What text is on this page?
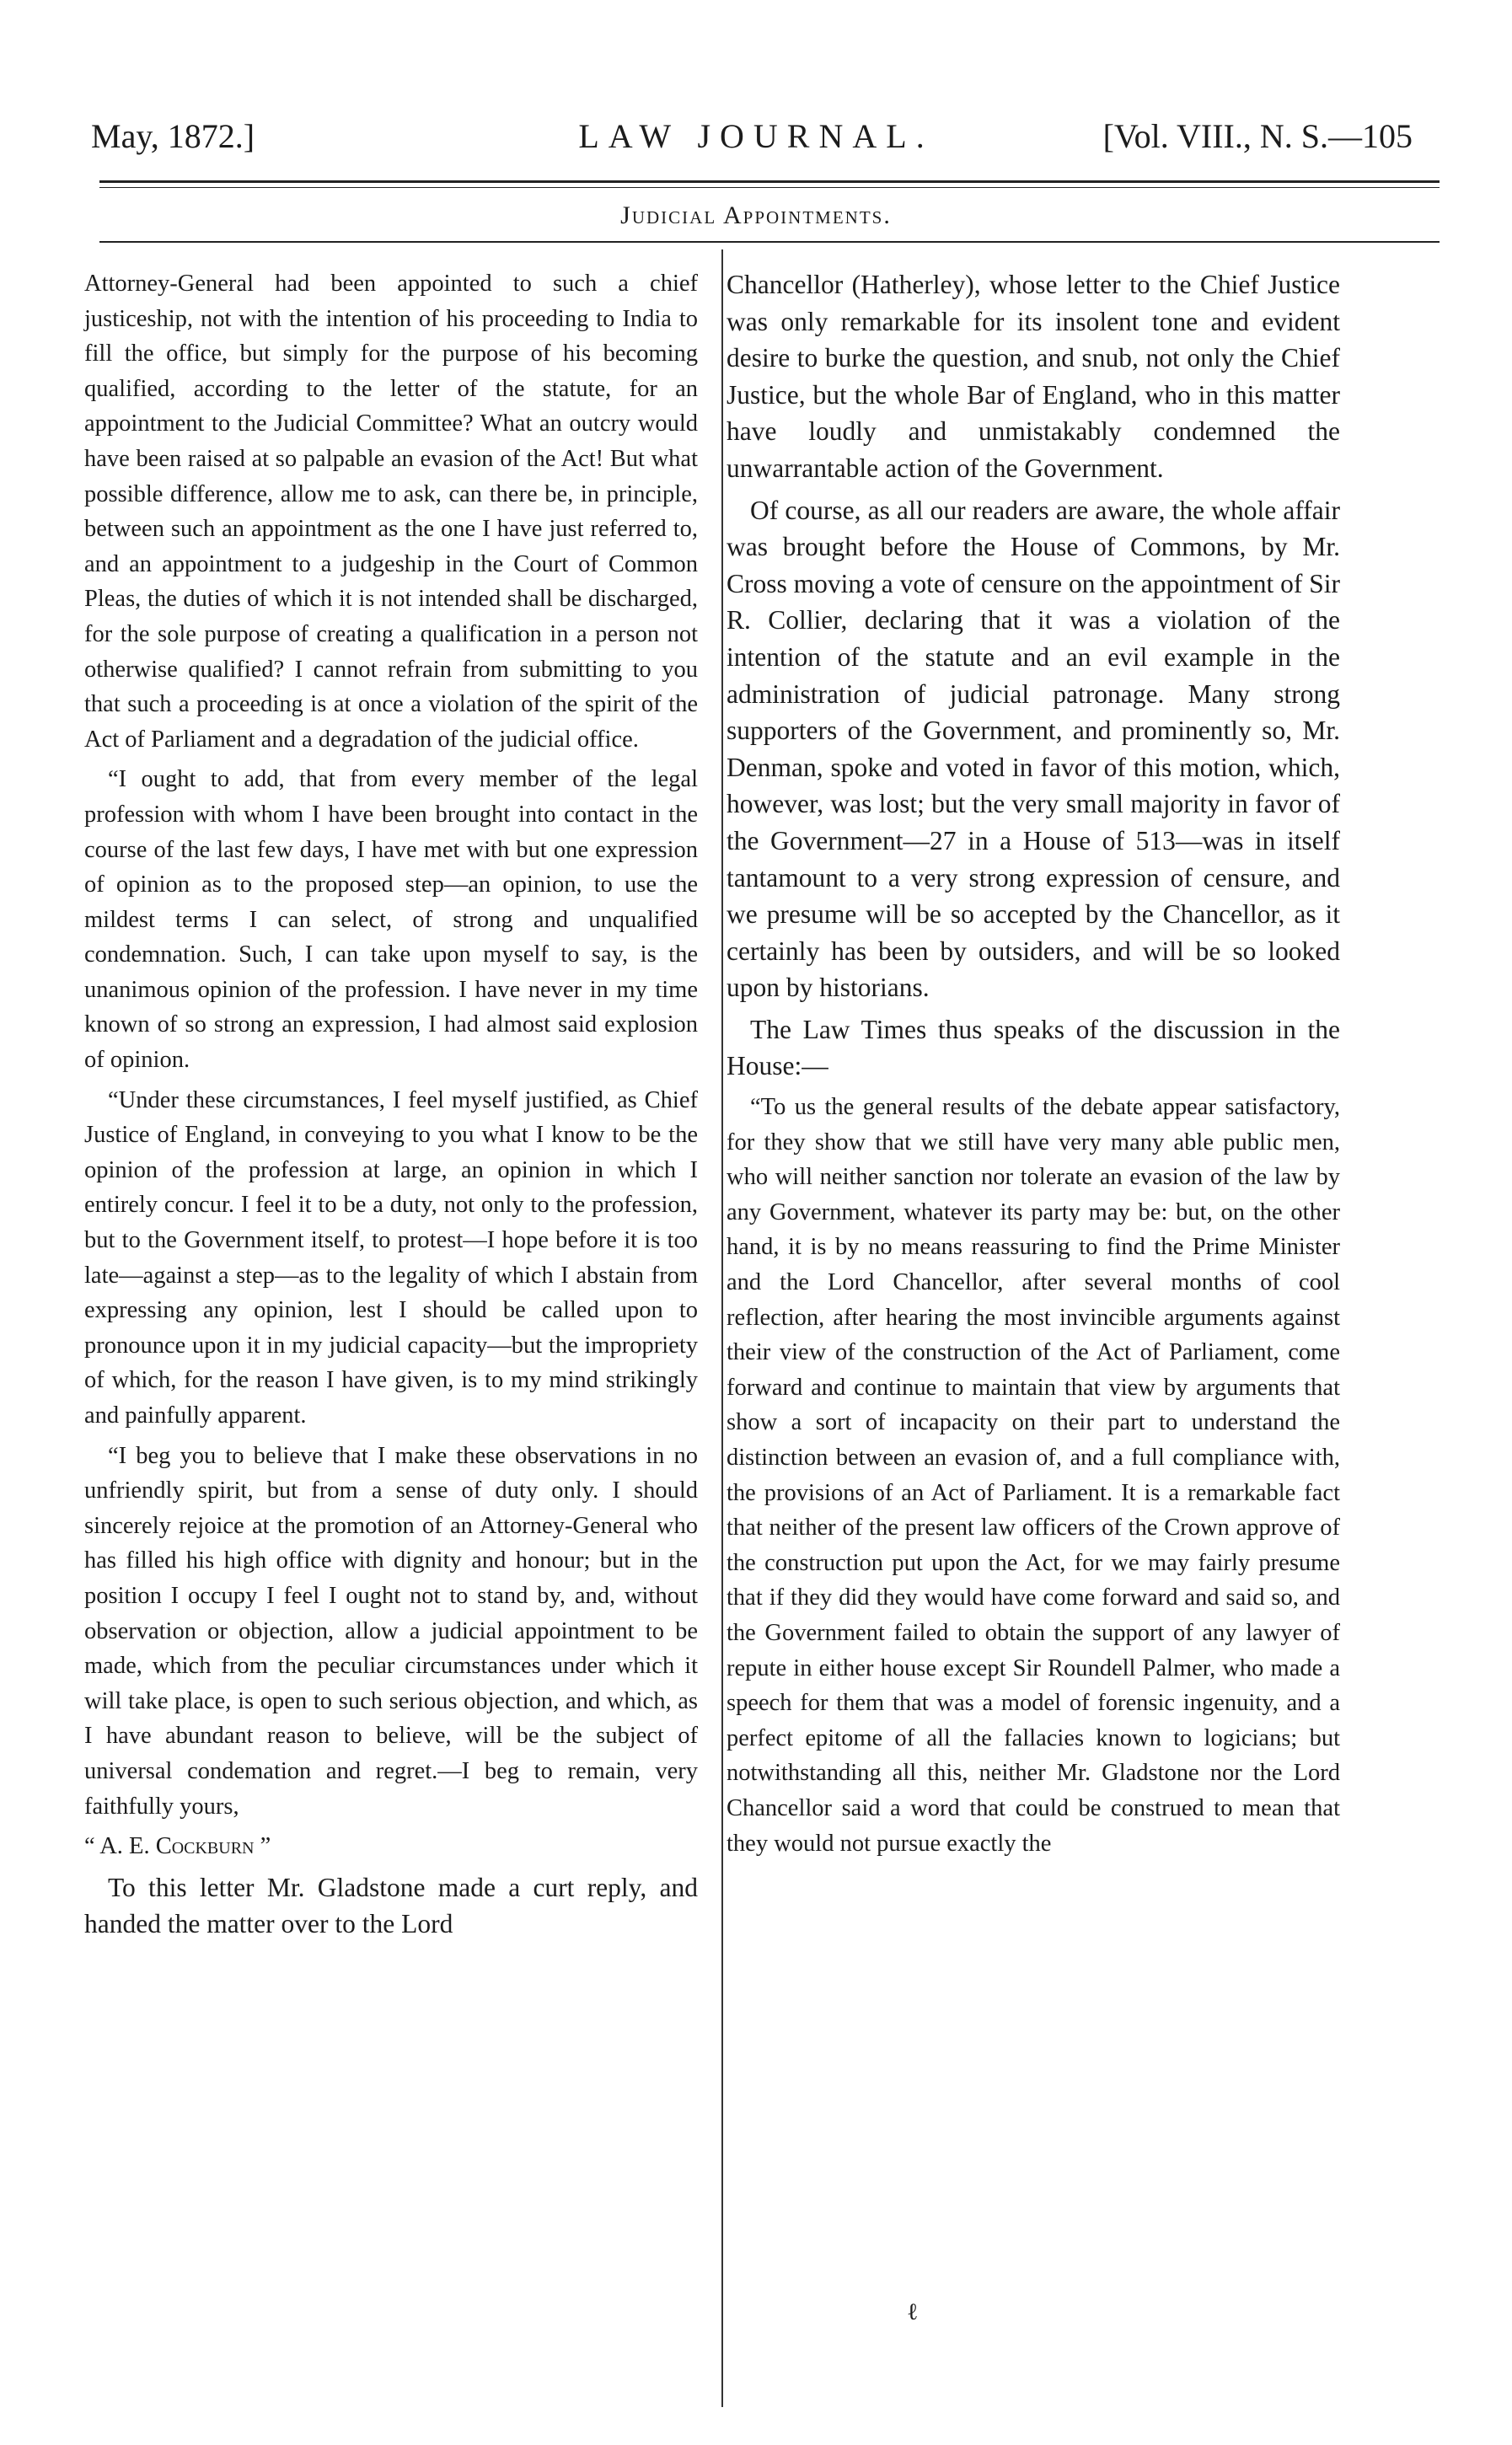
May, 1872.]	LAW JOURNAL.	[Vol. VIII., N. S.—105
Judicial Appointments.

Attorney-General had been appointed to such a chief justiceship, not with the intention of his proceeding to India to fill the office, but simply for the purpose of his becoming qualified, according to the letter of the statute, for an appointment to the Judicial Committee? What an outcry would have been raised at so palpable an evasion of the Act! But what possible difference, allow me to ask, can there be, in principle, between such an appointment as the one I have just referred to, and an appointment to a judgeship in the Court of Common Pleas, the duties of which it is not intended shall be discharged, for the sole purpose of creating a qualification in a person not otherwise qualified? I cannot refrain from submitting to you that such a proceeding is at once a violation of the spirit of the Act of Parliament and a degradation of the judicial office.

“I ought to add, that from every member of the legal profession with whom I have been brought into contact in the course of the last few days, I have met with but one expression of opinion as to the proposed step—an opinion, to use the mildest terms I can select, of strong and unqualified condemnation. Such, I can take upon myself to say, is the unanimous opinion of the profession. I have never in my time known of so strong an expression, I had almost said explosion of opinion.

“Under these circumstances, I feel myself justified, as Chief Justice of England, in conveying to you what I know to be the opinion of the profession at large, an opinion in which I entirely concur. I feel it to be a duty, not only to the profession, but to the Government itself, to protest—I hope before it is too late—against a step—as to the legality of which I abstain from expressing any opinion, lest I should be called upon to pronounce upon it in my judicial capacity—but the impropriety of which, for the reason I have given, is to my mind strikingly and painfully apparent.

“I beg you to believe that I make these observations in no unfriendly spirit, but from a sense of duty only. I should sincerely rejoice at the promotion of an Attorney-General who has filled his high office with dignity and honour; but in the position I occupy I feel I ought not to stand by, and, without observation or objection, allow a judicial appointment to be made, which from the peculiar circumstances under which it will take place, is open to such serious objection, and which, as I have abundant reason to believe, will be the subject of universal condemation and regret.—I beg to remain, very faithfully yours,

“ A. E. Cockburn ”

To this letter Mr. Gladstone made a curt reply, and handed the matter over to the Lord

Chancellor (Hatherley), whose letter to the Chief Justice was only remarkable for its insolent tone and evident desire to burke the question, and snub, not only the Chief Justice, but the whole Bar of England, who in this matter have loudly and unmistakably condemned the unwarrantable action of the Government.

Of course, as all our readers are aware, the whole affair was brought before the House of Commons, by Mr. Cross moving a vote of censure on the appointment of Sir R. Collier, declaring that it was a violation of the intention of the statute and an evil example in the administration of judicial patronage. Many strong supporters of the Government, and prominently so, Mr. Denman, spoke and voted in favor of this motion, which, however, was lost; but the very small majority in favor of the Government—27 in a House of 513—was in itself tantamount to a very strong expression of censure, and we presume will be so accepted by the Chancellor, as it certainly has been by outsiders, and will be so looked upon by historians.

The Law Times thus speaks of the discussion in the House:—

“To us the general results of the debate appear satisfactory, for they show that we still have very many able public men, who will neither sanction nor tolerate an evasion of the law by any Government, whatever its party may be: but, on the other hand, it is by no means reassuring to find the Prime Minister and the Lord Chancellor, after several months of cool reflection, after hearing the most invincible arguments against their view of the construction of the Act of Parliament, come forward and continue to maintain that view by arguments that show a sort of incapacity on their part to understand the distinction between an evasion of, and a full compliance with, the provisions of an Act of Parliament. It is a remarkable fact that neither of the present law officers of the Crown approve of the construction put upon the Act, for we may fairly presume that if they did they would have come forward and said so, and the Government failed to obtain the support of any lawyer of repute in either house except Sir Roundell Palmer, who made a speech for them that was a model of forensic ingenuity, and a perfect epitome of all the fallacies known to logicians; but notwithstanding all this, neither Mr. Gladstone nor the Lord Chancellor said a word that could be construed to mean that they would not pursue exactly the

ℓ
